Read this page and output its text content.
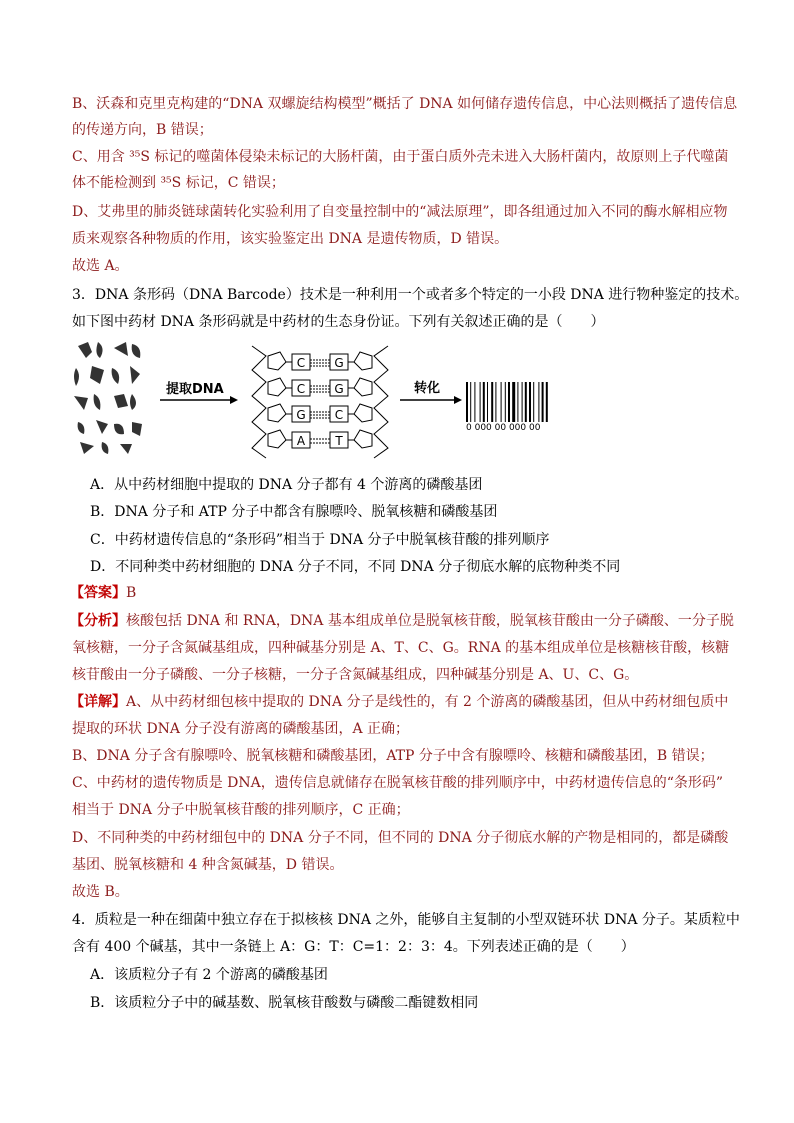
B、沃森和克里克构建的“DNA 双螺旋结构模型”概括了 DNA 如何储存遗传信息，中心法则概括了遗传信息
的传递方向，B 错误；
C、用含 ³⁵S 标记的噬菌体侵染未标记的大肠杆菌，由于蛋白质外壳未进入大肠杆菌内，故原则上子代噬菌
体不能检测到 ³⁵S 标记，C 错误；
D、艾弗里的肺炎链球菌转化实验利用了自变量控制中的“减法原理”，即各组通过加入不同的酶水解相应物
质来观察各种物质的作用，该实验鉴定出 DNA 是遗传物质，D 错误。
故选 A。
3．DNA 条形码（DNA Barcode）技术是一种利用一个或者多个特定的一小段 DNA 进行物种鉴定的技术。
如下图中药材 DNA 条形码就是中药材的生态身份证。下列有关叙述正确的是（　　）
提取DNA
C G
C G
G C
A	T
转化
0 000 00 000 00
A．从中药材细胞中提取的 DNA 分子都有 4 个游离的磷酸基团
B．DNA 分子和 ATP 分子中都含有腺嘌呤、脱氧核糖和磷酸基团
C．中药材遗传信息的“条形码”相当于 DNA 分子中脱氧核苷酸的排列顺序
D．不同种类中药材细胞的 DNA 分子不同，不同 DNA 分子彻底水解的底物种类不同
【答案】B
【分析】核酸包括 DNA 和 RNA，DNA 基本组成单位是脱氧核苷酸，脱氧核苷酸由一分子磷酸、一分子脱
氧核糖，一分子含氮碱基组成，四种碱基分别是 A、T、C、G。RNA 的基本组成单位是核糖核苷酸，核糖
核苷酸由一分子磷酸、一分子核糖，一分子含氮碱基组成，四种碱基分别是 A、U、C、G。
【详解】A、从中药材细包核中提取的 DNA 分子是线性的，有 2 个游离的磷酸基团，但从中药材细包质中
提取的环状 DNA 分子没有游离的磷酸基团，A 正确；
B、DNA 分子含有腺嘌呤、脱氧核糖和磷酸基团，ATP 分子中含有腺嘌呤、核糖和磷酸基团，B 错误；
C、中药材的遗传物质是 DNA，遗传信息就储存在脱氧核苷酸的排列顺序中，中药材遗传信息的“条形码”
相当于 DNA 分子中脱氧核苷酸的排列顺序，C 正确；
D、不同种类的中药材细包中的 DNA 分子不同，但不同的 DNA 分子彻底水解的产物是相同的，都是磷酸
基团、脱氧核糖和 4 种含氮碱基，D 错误。
故选 B。
4．质粒是一种在细菌中独立存在于拟核核 DNA 之外，能够自主复制的小型双链环状 DNA 分子。某质粒中
含有 400 个碱基，其中一条链上 A：G：T：C=1：2：3：4。下列表述正确的是（　　）
A．该质粒分子有 2 个游离的磷酸基团
B．该质粒分子中的碱基数、脱氧核苷酸数与磷酸二酯键数相同
